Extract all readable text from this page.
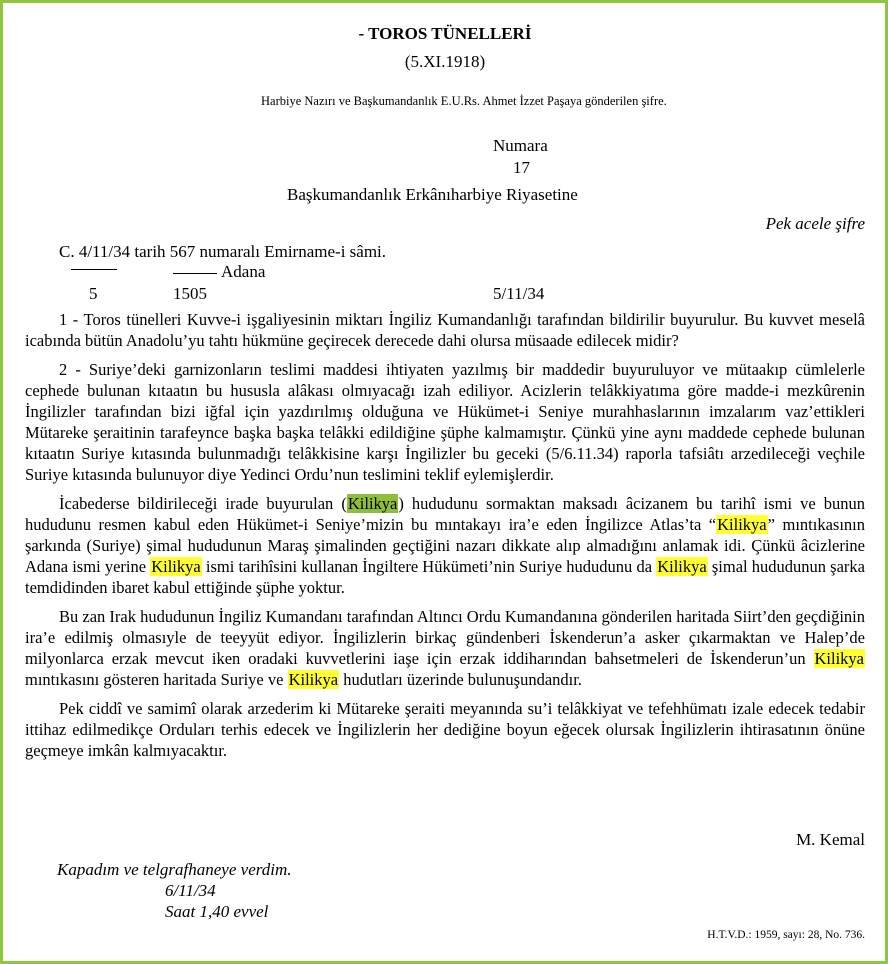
- TOROS TÜNELLERİ
(5.XI.1918)
Harbiye Nazırı ve Başkumandanlık E.U.Rs. Ahmet İzzet Paşaya gönderilen şifre.
Numara
17
Başkumandanlık Erkânıharbiye Riyasetine
Pek acele şifre
C. 4/11/34 tarih 567 numaralı Emirname-i sâmi.
Adana
5	1505	5/11/34

1 - Toros tünelleri Kuvve-i işgaliyesinin miktarı İngiliz Kumandanlığı tarafından bildirilir buyurulur. Bu kuvvet meselâ icabında bütün Anadolu’yu tahtı hükmüne geçirecek derecede dahi olursa müsaade edilecek midir?

2 - Suriye’deki garnizonların teslimi maddesi ihtiyaten yazılmış bir maddedir buyuruluyor ve mütaakıp cümlelerle cephede bulunan kıtaatın bu hususla alâkası olmıyacağı izah ediliyor. Acizlerin telâkkiyatıma göre madde-i mezkûrenin İngilizler tarafından bizi iğfal için yazdırılmış olduğuna ve Hükümet-i Seniye murahhaslarının imzalarım vaz’ettikleri Mütareke şeraitinin tarafeynce başka başka telâkki edildiğine şüphe kalmamıştır. Çünkü yine aynı maddede cephede bulunan kıtaatın Suriye kıtasında bulunmadığı telâkkisine karşı İngilizler bu geceki (5/6.11.34) raporla tafsiâtı arzedileceği veçhile Suriye kıtasında bulunuyor diye Yedinci Ordu’nun teslimini teklif eylemişlerdir.

İcabederse bildirileceği irade buyurulan (Kilikya) hududunu sormaktan maksadı âcizanem bu tarihî ismi ve bunun hududunu resmen kabul eden Hükümet-i Seniye’mizin bu mıntakayı ira’e eden İngilizce Atlas’ta “Kilikya” mıntıkasının şarkında (Suriye) şimal hududunun Maraş şimalinden geçtiğini nazarı dikkate alıp almadığını anlamak idi. Çünkü âcizlerine Adana ismi yerine Kilikya ismi tarihîsini kullanan İngiltere Hükümeti’nin Suriye hududunu da Kilikya şimal hududunun şarka temdidinden ibaret kabul ettiğinde şüphe yoktur.

Bu zan Irak hududunun İngiliz Kumandanı tarafından Altıncı Ordu Kumandanına gönderilen haritada Siirt’den geçdiğinin ira’e edilmiş olmasıyle de teeyyüt ediyor. İngilizlerin birkaç gündenberi İskenderun’a asker çıkarmaktan ve Halep’de milyonlarca erzak mevcut iken oradaki kuvvetlerini iaşe için erzak iddiharından bahsetmeleri de İskenderun’un Kilikya mıntıkasını gösteren haritada Suriye ve Kilikya hudutları üzerinde bulunuşundandır.

Pek ciddî ve samimî olarak arzederim ki Mütareke şeraiti meyanında su’i telâkkiyat ve tefehhümatı izale edecek tedabir ittihaz edilmedikçe Orduları terhis edecek ve İngilizlerin her dediğine boyun eğecek olursak İngilizlerin ihtirasatının önüne geçmeye imkân kalmıyacaktır.

M. Kemal
Kapadım ve telgrafhaneye verdim.
6/11/34
Saat 1,40 evvel
H.T.V.D.: 1959, sayı: 28, No. 736.
